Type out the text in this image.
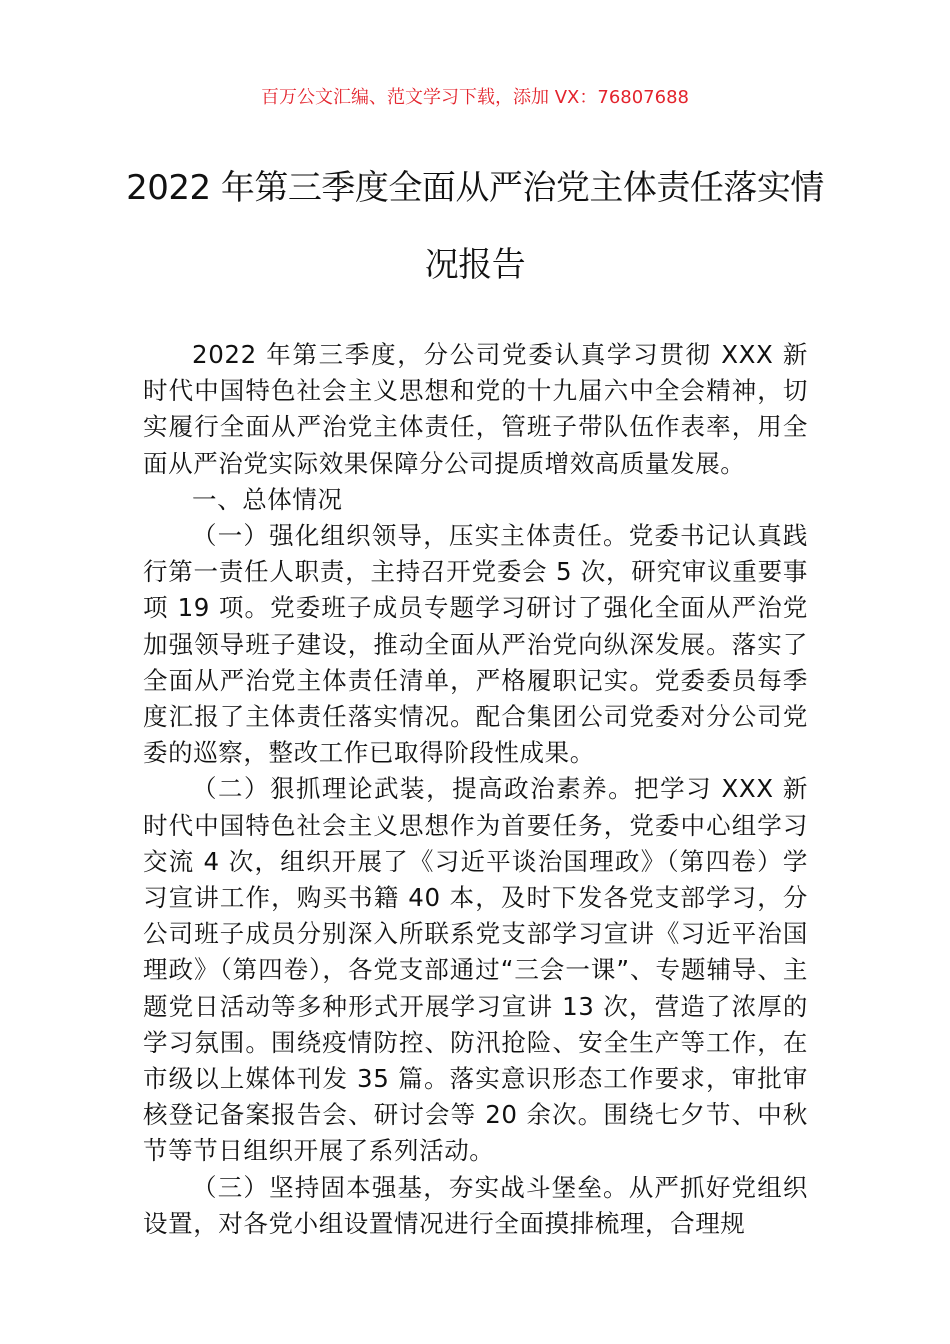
百万公文汇编、范文学习下载，添加 VX：76807688
2022 年第三季度全面从严治党主体责任落实情况报告

2022 年第三季度，分公司党委认真学习贯彻 XXX 新时代中国特色社会主义思想和党的十九届六中全会精神，切实履行全面从严治党主体责任，管班子带队伍作表率，用全面从严治党实际效果保障分公司提质增效高质量发展。

一、总体情况

（一）强化组织领导，压实主体责任。党委书记认真践行第一责任人职责，主持召开党委会 5 次，研究审议重要事项 19 项。党委班子成员专题学习研讨了强化全面从严治党加强领导班子建设，推动全面从严治党向纵深发展。落实了全面从严治党主体责任清单，严格履职记实。党委委员每季度汇报了主体责任落实情况。配合集团公司党委对分公司党委的巡察，整改工作已取得阶段性成果。

（二）狠抓理论武装，提高政治素养。把学习 XXX 新时代中国特色社会主义思想作为首要任务，党委中心组学习交流 4 次，组织开展了《习近平谈治国理政》（第四卷）学习宣讲工作，购买书籍 40 本，及时下发各党支部学习，分公司班子成员分别深入所联系党支部学习宣讲《习近平治国理政》（第四卷），各党支部通过“三会一课”、专题辅导、主题党日活动等多种形式开展学习宣讲 13 次，营造了浓厚的学习氛围。围绕疫情防控、防汛抢险、安全生产等工作，在市级以上媒体刊发 35 篇。落实意识形态工作要求，审批审核登记备案报告会、研讨会等 20 余次。围绕七夕节、中秋节等节日组织开展了系列活动。

（三）坚持固本强基，夯实战斗堡垒。从严抓好党组织设置，对各党小组设置情况进行全面摸排梳理，合理规
